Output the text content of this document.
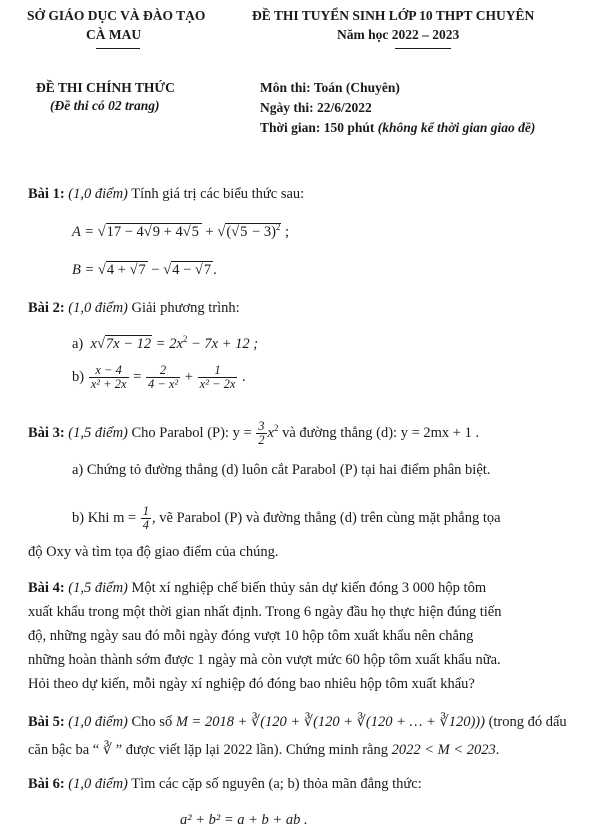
SỞ GIÁO DỤC VÀ ĐÀO TẠO
CÀ MAU
ĐỀ THI TUYỂN SINH LỚP 10 THPT CHUYÊN
Năm học 2022 – 2023
ĐỀ THI CHÍNH THỨC
(Đề thi có 02 trang)
Môn thi: Toán (Chuyên)
Ngày thi: 22/6/2022
Thời gian: 150 phút (không kể thời gian giao đề)
Bài 1: (1,0 điểm) Tính giá trị các biểu thức sau:
$A = √17 - 4√9 + 4√5 + √(√5 - 3)^2$ ;
B = √4 + √7 − √4 − √7 .
Bài 2: (1,0 điểm) Giải phương trình:
a) $x√7x - 12 = 2x^2 - 7x + 12$ ;
$b) \frac{x - 4}{\text{x² + 2x}} = \frac{2}{\text{4 − x²}} + \frac{1}{\text{x² − 2x}}$ .
Bài 3: (1,5 điểm) Cho Parabol (P): $y = \frac{3}{2} x^2$ và đường thẳng (d): y = 2mx + 1 .
a) Chứng tỏ đường thẳng (d) luôn cắt Parabol (P) tại hai điểm phân biệt.
b) Khi $m = \frac{1}{4}$ , vẽ Parabol (P) và đường thẳng (d) trên cùng mặt phẳng tọa
độ Oxy và tìm tọa độ giao điểm của chúng.
Bài 4: (1,5 điểm) Một xí nghiệp chế biến thủy sản dự kiến đóng 3 000 hộp tôm
xuất khẩu trong một thời gian nhất định. Trong 6 ngày đầu họ thực hiện đúng tiến
độ, những ngày sau đó mỗi ngày đóng vượt 10 hộp tôm xuất khẩu nên chẳng
những hoàn thành sớm được 1 ngày mà còn vượt mức 60 hộp tôm xuất khẩu nữa.
Hỏi theo dự kiến, mỗi ngày xí nghiệp đó đóng bao nhiêu hộp tôm xuất khẩu?
Bài 5: (1,0 điểm) Cho số M = 2018 + ∛(120 + ∛(120 + ∛(120 + … + ∛120))) (trong đó dấu
căn bậc ba “ ∛ ” được viết lặp lại 2022 lần). Chứng minh rằng 2022 < M < 2023.
Bài 6: (1,0 điểm) Tìm các cặp số nguyên (a; b) thỏa mãn đẳng thức:
a² + b² = a + b + ab .
